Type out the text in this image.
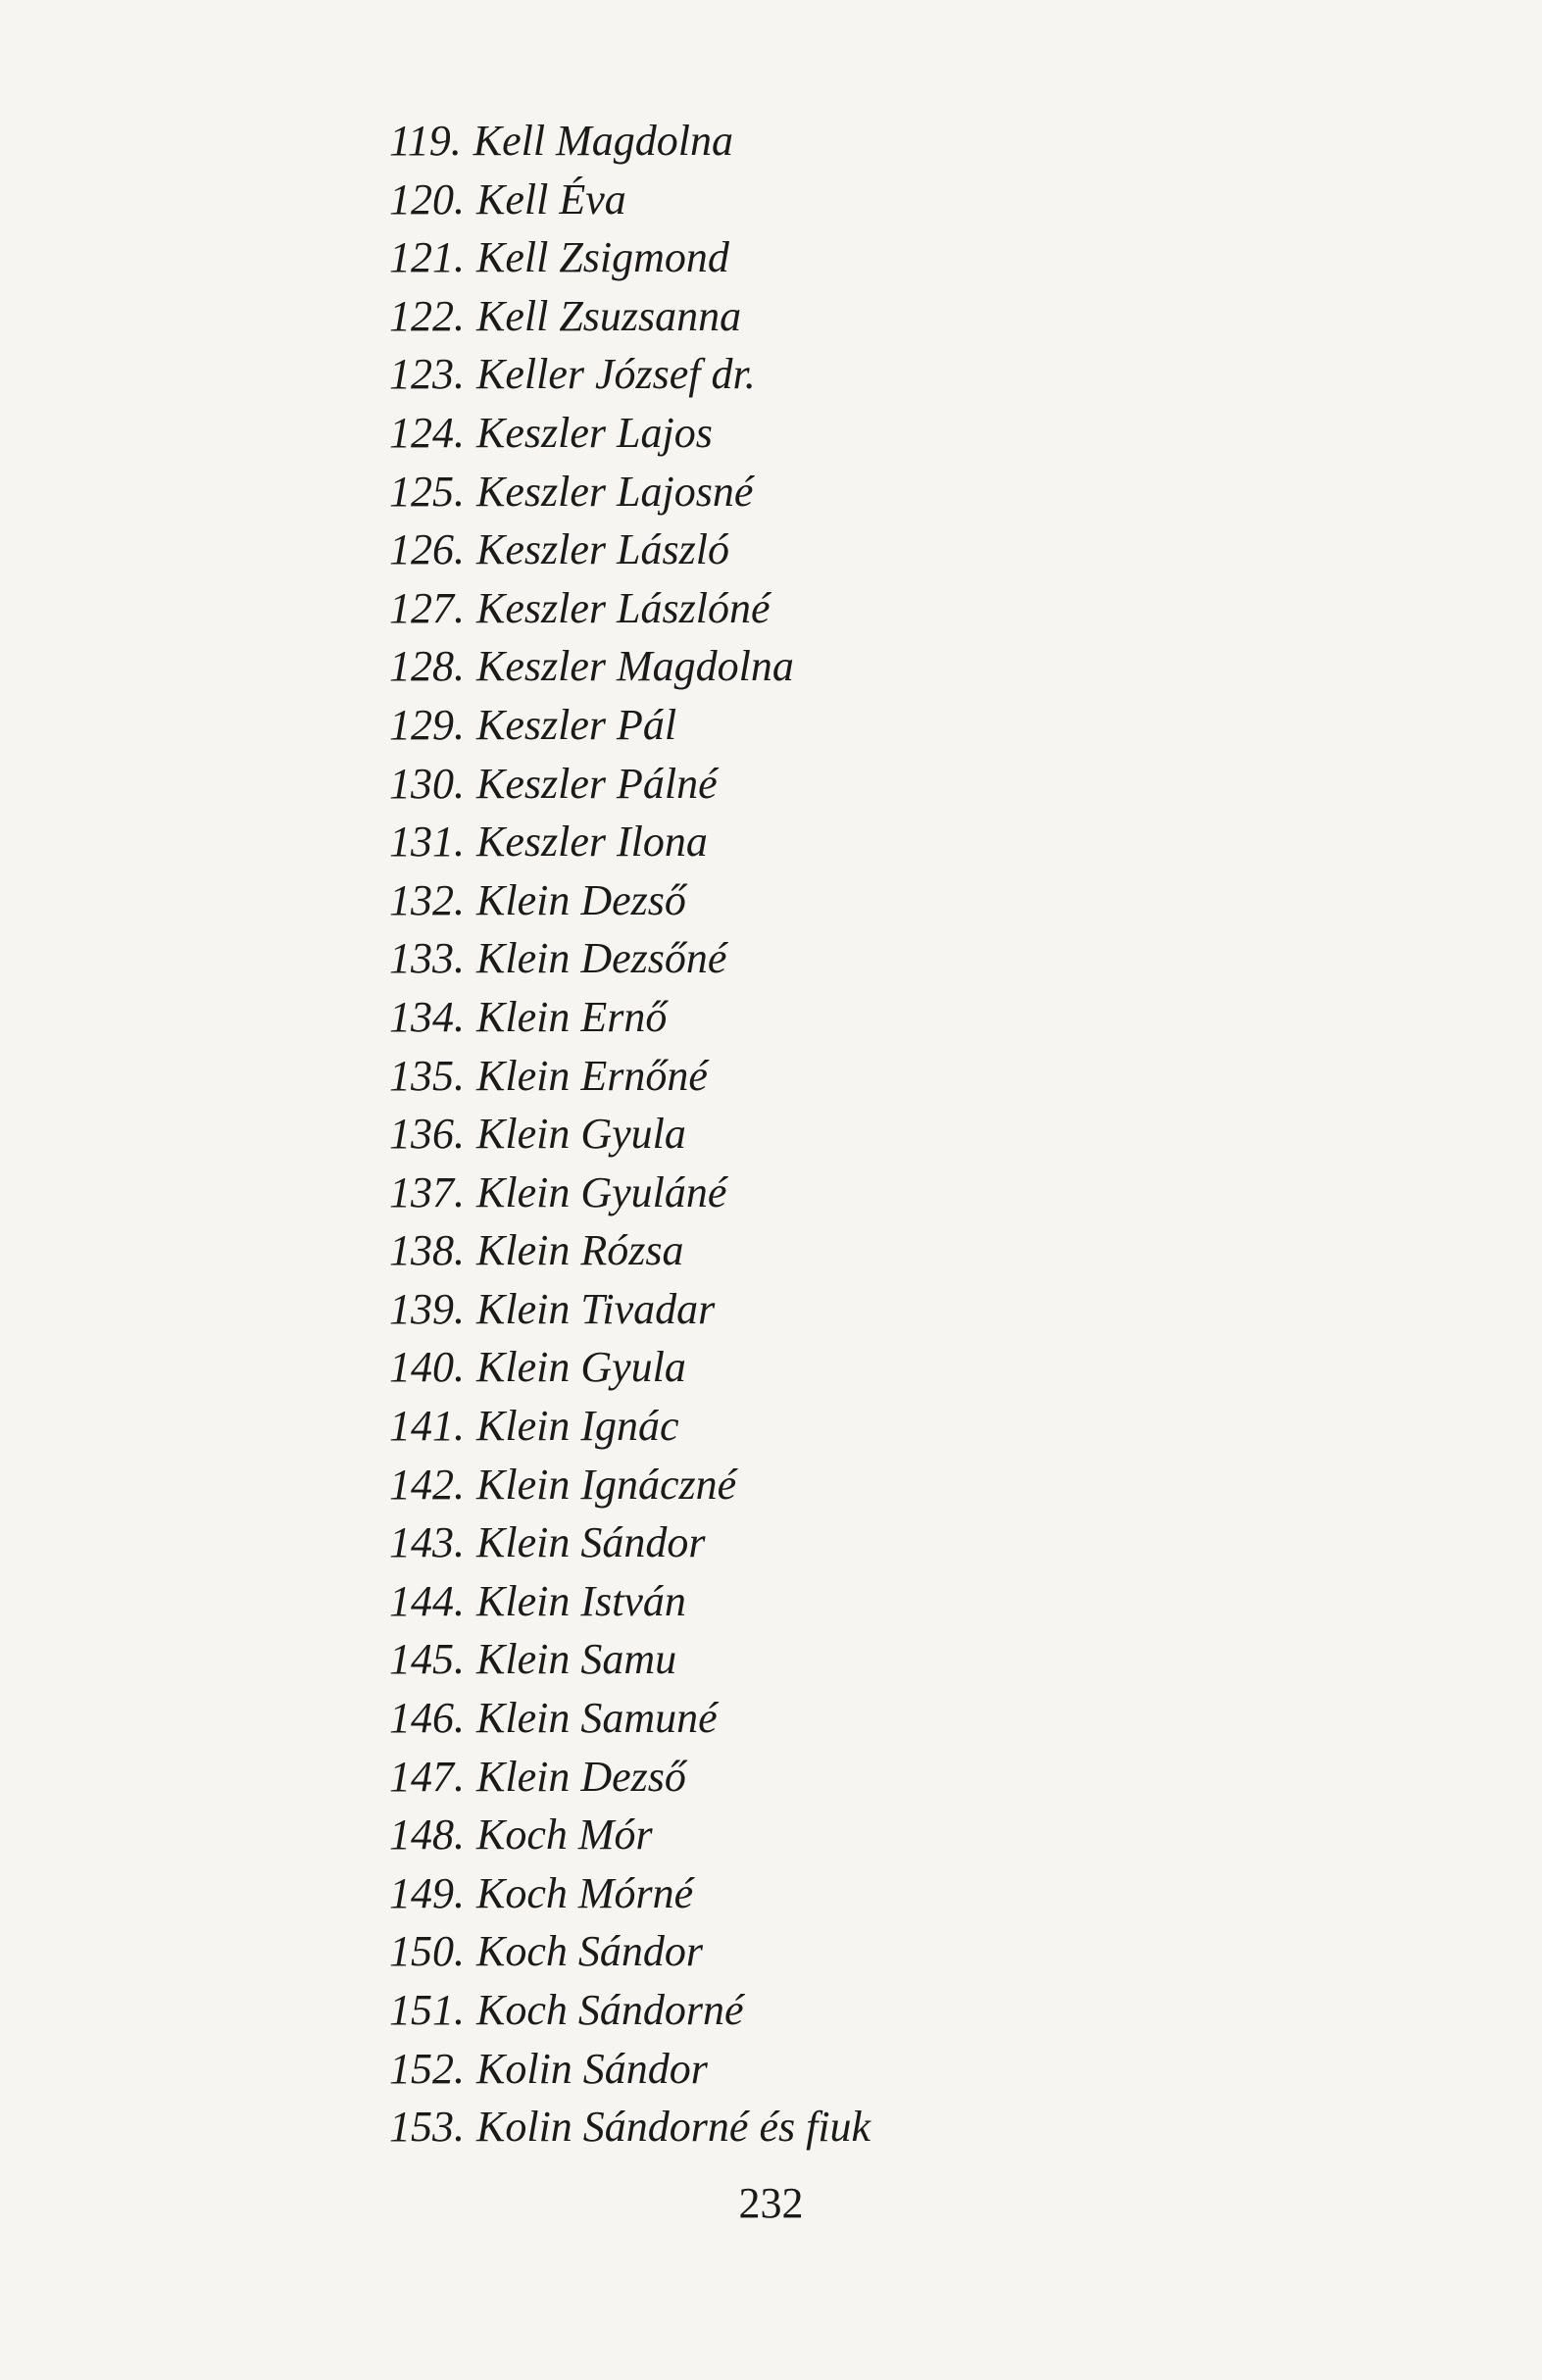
119. Kell Magdolna
120. Kell Éva
121. Kell Zsigmond
122. Kell Zsuzsanna
123. Keller József dr.
124. Keszler Lajos
125. Keszler Lajosné
126. Keszler László
127. Keszler Lászlóné
128. Keszler Magdolna
129. Keszler Pál
130. Keszler Pálné
131. Keszler Ilona
132. Klein Dezső
133. Klein Dezsőné
134. Klein Ernő
135. Klein Ernőné
136. Klein Gyula
137. Klein Gyuláné
138. Klein Rózsa
139. Klein Tivadar
140. Klein Gyula
141. Klein Ignác
142. Klein Ignáczné
143. Klein Sándor
144. Klein István
145. Klein Samu
146. Klein Samuné
147. Klein Dezső
148. Koch Mór
149. Koch Mórné
150. Koch Sándor
151. Koch Sándorné
152. Kolin Sándor
153. Kolin Sándorné és fiuk
232
